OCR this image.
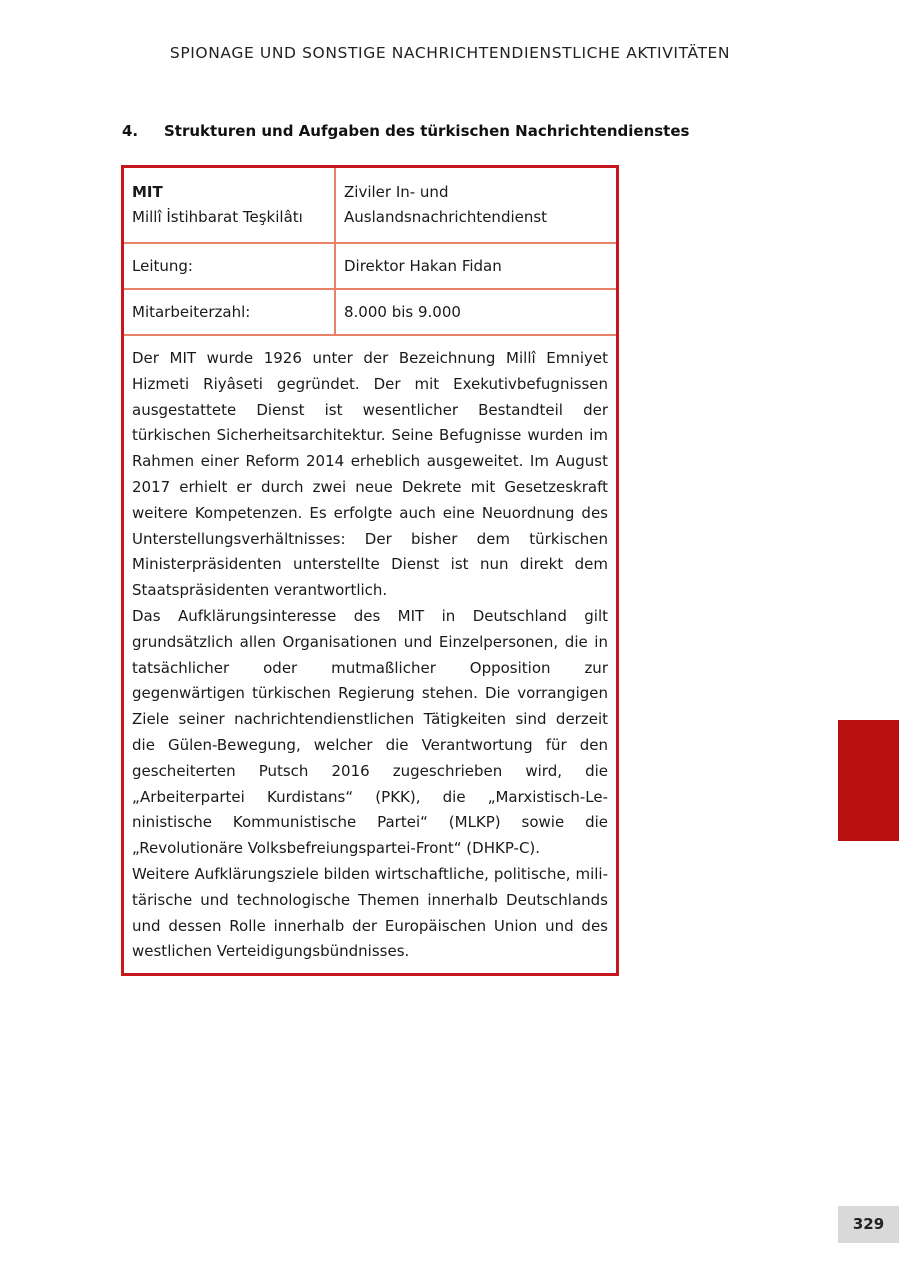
SPIONAGE UND SONSTIGE NACHRICHTENDIENSTLICHE AKTIVITÄTEN
4. Strukturen und Aufgaben des türkischen Nachrichtendienstes
MIT
Millî İstihbarat Teşkilâtı
Ziviler In- und Auslandsnachrichtendienst
Leitung:	Direktor Hakan Fidan
Mitarbeiterzahl:	8.000 bis 9.000

Der MIT wurde 1926 unter der Bezeichnung Millî Emniyet Hizmeti Riyâseti gegründet. Der mit Exekutivbefugnissen ausgestattete Dienst ist wesentlicher Bestandteil der türkischen Sicherheitsarchitektur. Seine Befugnisse wurden im Rahmen einer Reform 2014 erheblich ausgeweitet. Im August 2017 erhielt er durch zwei neue Dekrete mit Gesetzeskraft weitere Kompetenzen. Es erfolgte auch eine Neuordnung des Unterstellungsverhältnisses: Der bisher dem türkischen Ministerpräsidenten unterstellte Dienst ist nun direkt dem Staatspräsidenten verantwortlich.

Das Aufklärungsinteresse des MIT in Deutschland gilt grundsätzlich allen Organisationen und Einzelpersonen, die in tatsächlicher oder mutmaßlicher Opposition zur gegenwärtigen türkischen Regierung stehen. Die vorrangigen Ziele seiner nachrichtendienstlichen Tätigkeiten sind derzeit die Gülen-Bewegung, welcher die Verantwortung für den gescheiterten Putsch 2016 zugeschrieben wird, die „Arbeiterpartei Kurdistans“ (PKK), die „Marxistisch-Leninistische Kommunistische Partei“ (MLKP) sowie die „Revolutionäre Volksbefreiungspartei-Front“ (DHKP-C).

Weitere Aufklärungsziele bilden wirtschaftliche, politische, militärische und technologische Themen innerhalb Deutschlands und dessen Rolle innerhalb der Europäischen Union und des westlichen Verteidigungsbündnisses.

329
